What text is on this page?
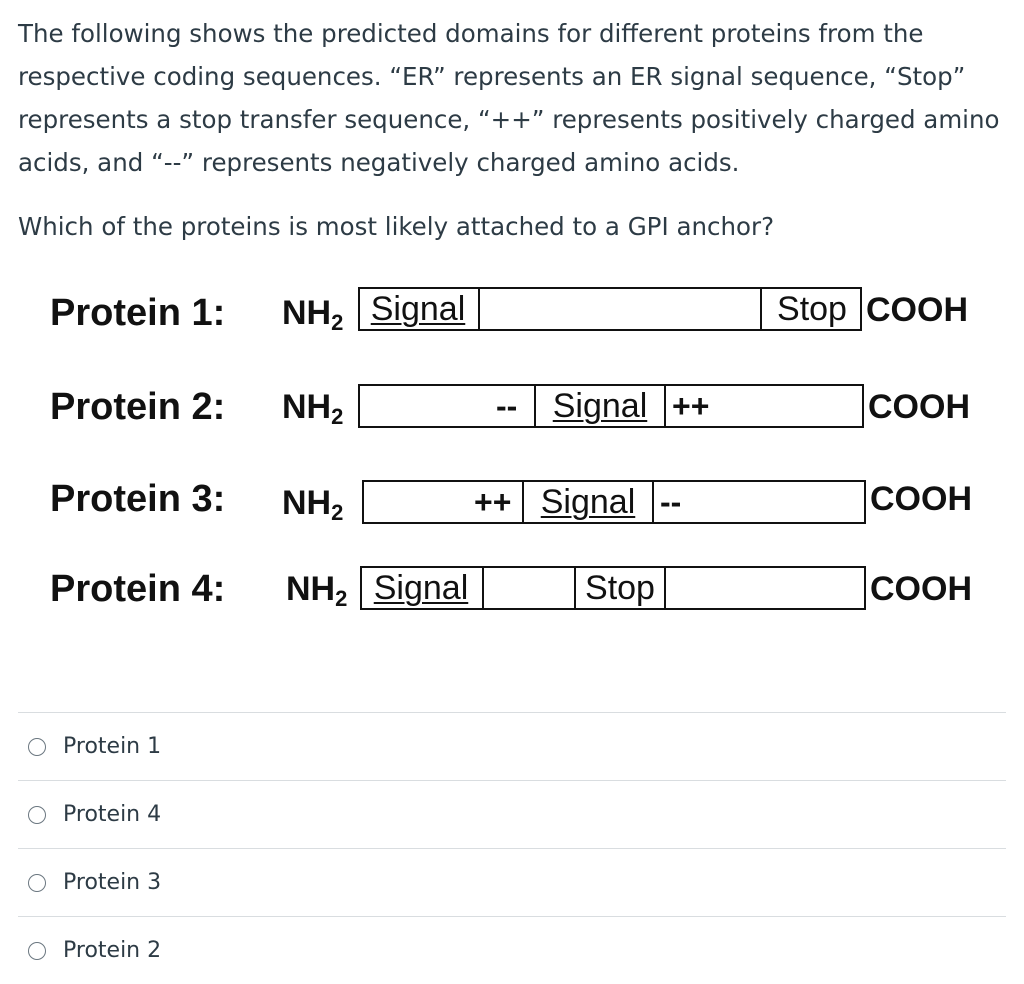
The following shows the predicted domains for different proteins from the respective coding sequences. “ER” represents an ER signal sequence, “Stop” represents a stop transfer sequence, “++” represents positively charged amino acids, and “--” represents negatively charged amino acids.

Which of the proteins is most likely attached to a GPI anchor?

Protein 1: $NH_2$ Signal	Stop COOH
Protein 2: $NH_2$	--	Signal ++	COOH
Protein 3: $NH_2$	++ Signal --	COOH
Protein 4: $NH_2$ Signal	Stop	COOH
Protein 1
Protein 4
Protein 3
Protein 2
